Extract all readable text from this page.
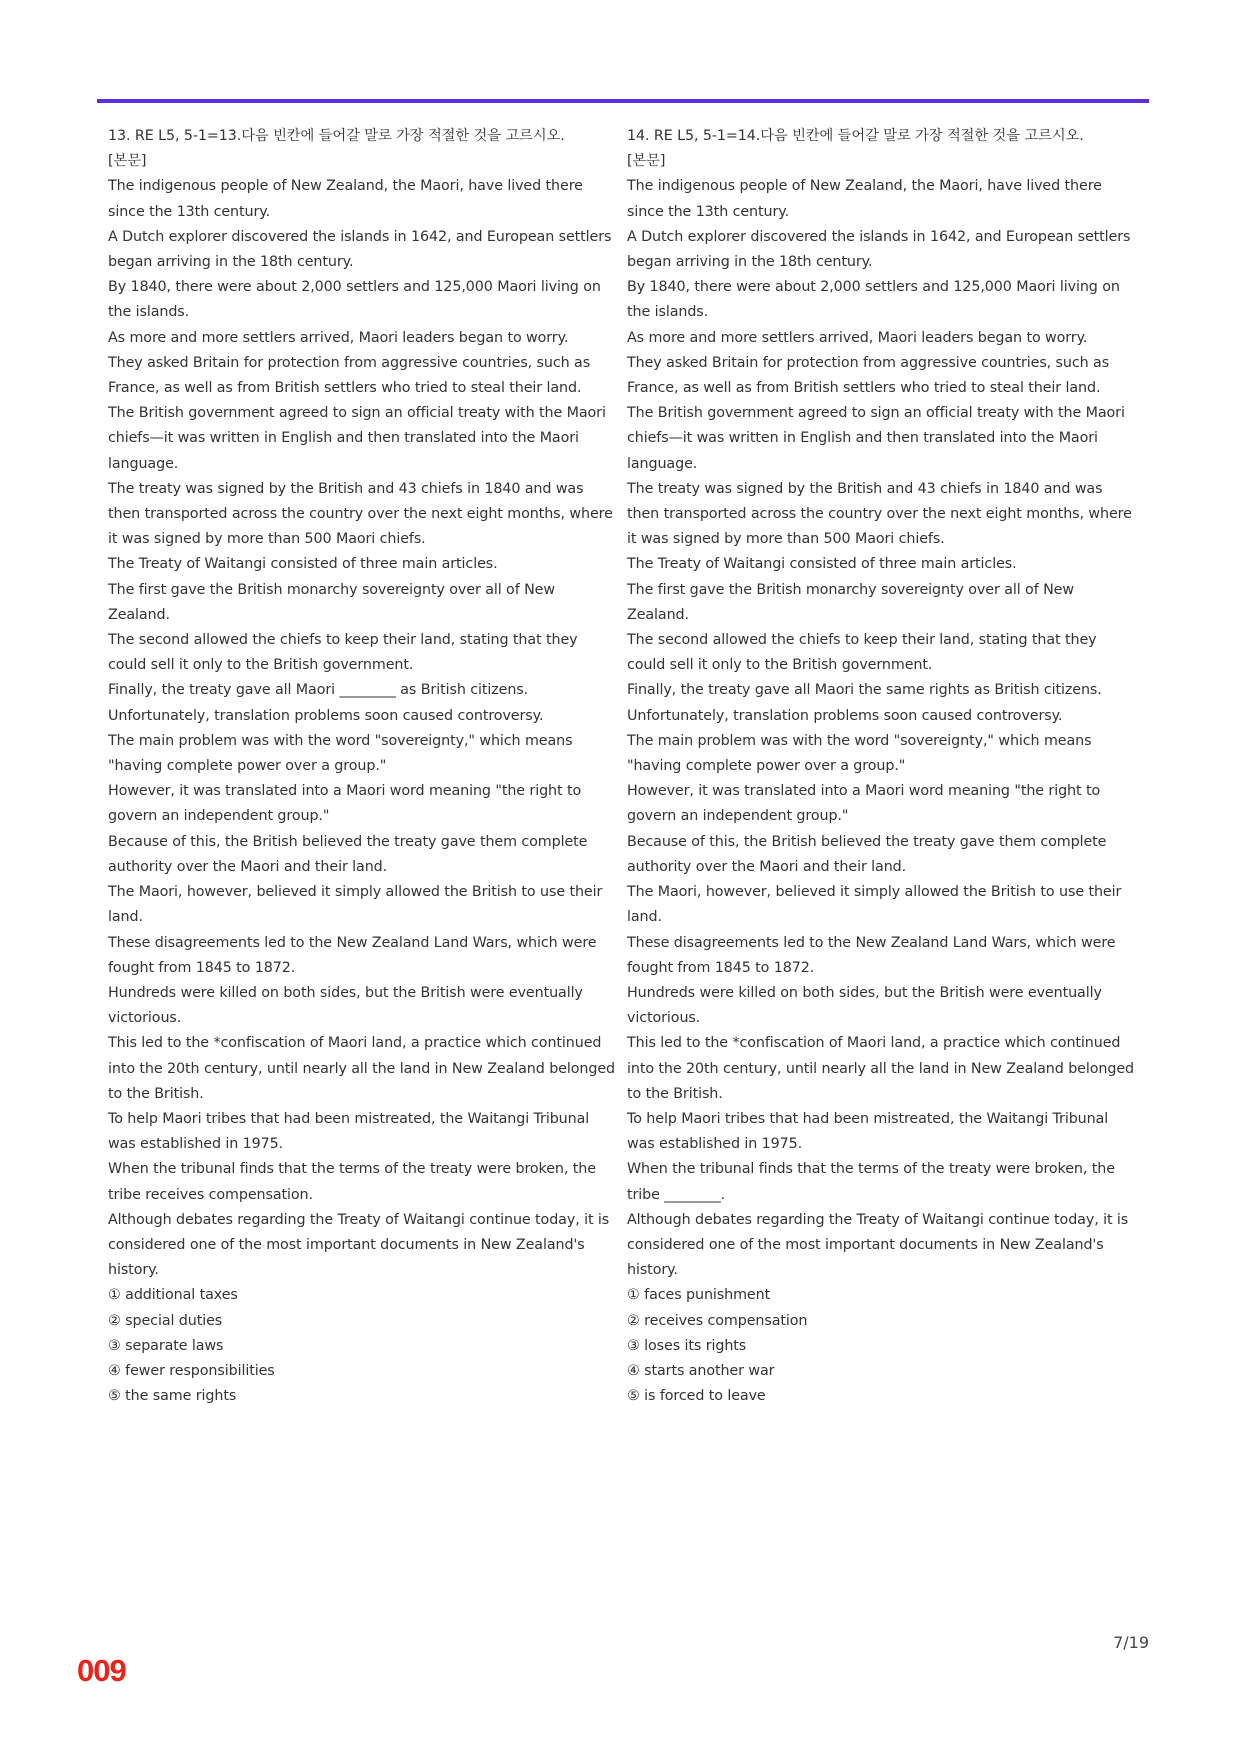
13. RE L5, 5-1=13.다음 빈칸에 들어갈 말로 가장 적절한 것을 고르시오.

[본문]

The indigenous people of New Zealand, the Maori, have lived there since the 13th century.

A Dutch explorer discovered the islands in 1642, and European settlers began arriving in the 18th century.

By 1840, there were about 2,000 settlers and 125,000 Maori living on the islands.

As more and more settlers arrived, Maori leaders began to worry.

They asked Britain for protection from aggressive countries, such as France, as well as from British settlers who tried to steal their land.

The British government agreed to sign an official treaty with the Maori chiefs—it was written in English and then translated into the Maori language.

The treaty was signed by the British and 43 chiefs in 1840 and was then transported across the country over the next eight months, where it was signed by more than 500 Maori chiefs.

The Treaty of Waitangi consisted of three main articles.

The first gave the British monarchy sovereignty over all of New Zealand.

The second allowed the chiefs to keep their land, stating that they could sell it only to the British government.

Finally, the treaty gave all Maori ________ as British citizens.

Unfortunately, translation problems soon caused controversy.

The main problem was with the word "sovereignty," which means "having complete power over a group."

However, it was translated into a Maori word meaning "the right to govern an independent group."

Because of this, the British believed the treaty gave them complete authority over the Maori and their land.

The Maori, however, believed it simply allowed the British to use their land.

These disagreements led to the New Zealand Land Wars, which were fought from 1845 to 1872.

Hundreds were killed on both sides, but the British were eventually victorious.

This led to the *confiscation of Maori land, a practice which continued into the 20th century, until nearly all the land in New Zealand belonged to the British.

To help Maori tribes that had been mistreated, the Waitangi Tribunal was established in 1975.

When the tribunal finds that the terms of the treaty were broken, the tribe receives compensation.

Although debates regarding the Treaty of Waitangi continue today, it is considered one of the most important documents in New Zealand's history.

① additional taxes

② special duties

③ separate laws

④ fewer responsibilities

⑤ the same rights

14. RE L5, 5-1=14.다음 빈칸에 들어갈 말로 가장 적절한 것을 고르시오.

[본문]

The indigenous people of New Zealand, the Maori, have lived there since the 13th century.

A Dutch explorer discovered the islands in 1642, and European settlers began arriving in the 18th century.

By 1840, there were about 2,000 settlers and 125,000 Maori living on the islands.

As more and more settlers arrived, Maori leaders began to worry.

They asked Britain for protection from aggressive countries, such as France, as well as from British settlers who tried to steal their land.

The British government agreed to sign an official treaty with the Maori chiefs—it was written in English and then translated into the Maori language.

The treaty was signed by the British and 43 chiefs in 1840 and was then transported across the country over the next eight months, where it was signed by more than 500 Maori chiefs.

The Treaty of Waitangi consisted of three main articles.

The first gave the British monarchy sovereignty over all of New Zealand.

The second allowed the chiefs to keep their land, stating that they could sell it only to the British government.

Finally, the treaty gave all Maori the same rights as British citizens.

Unfortunately, translation problems soon caused controversy.

The main problem was with the word "sovereignty," which means "having complete power over a group."

However, it was translated into a Maori word meaning "the right to govern an independent group."

Because of this, the British believed the treaty gave them complete authority over the Maori and their land.

The Maori, however, believed it simply allowed the British to use their land.

These disagreements led to the New Zealand Land Wars, which were fought from 1845 to 1872.

Hundreds were killed on both sides, but the British were eventually victorious.

This led to the *confiscation of Maori land, a practice which continued into the 20th century, until nearly all the land in New Zealand belonged to the British.

To help Maori tribes that had been mistreated, the Waitangi Tribunal was established in 1975.

When the tribunal finds that the terms of the treaty were broken, the tribe ________.

Although debates regarding the Treaty of Waitangi continue today, it is considered one of the most important documents in New Zealand's history.

① faces punishment

② receives compensation

③ loses its rights

④ starts another war

⑤ is forced to leave

7/19
009
